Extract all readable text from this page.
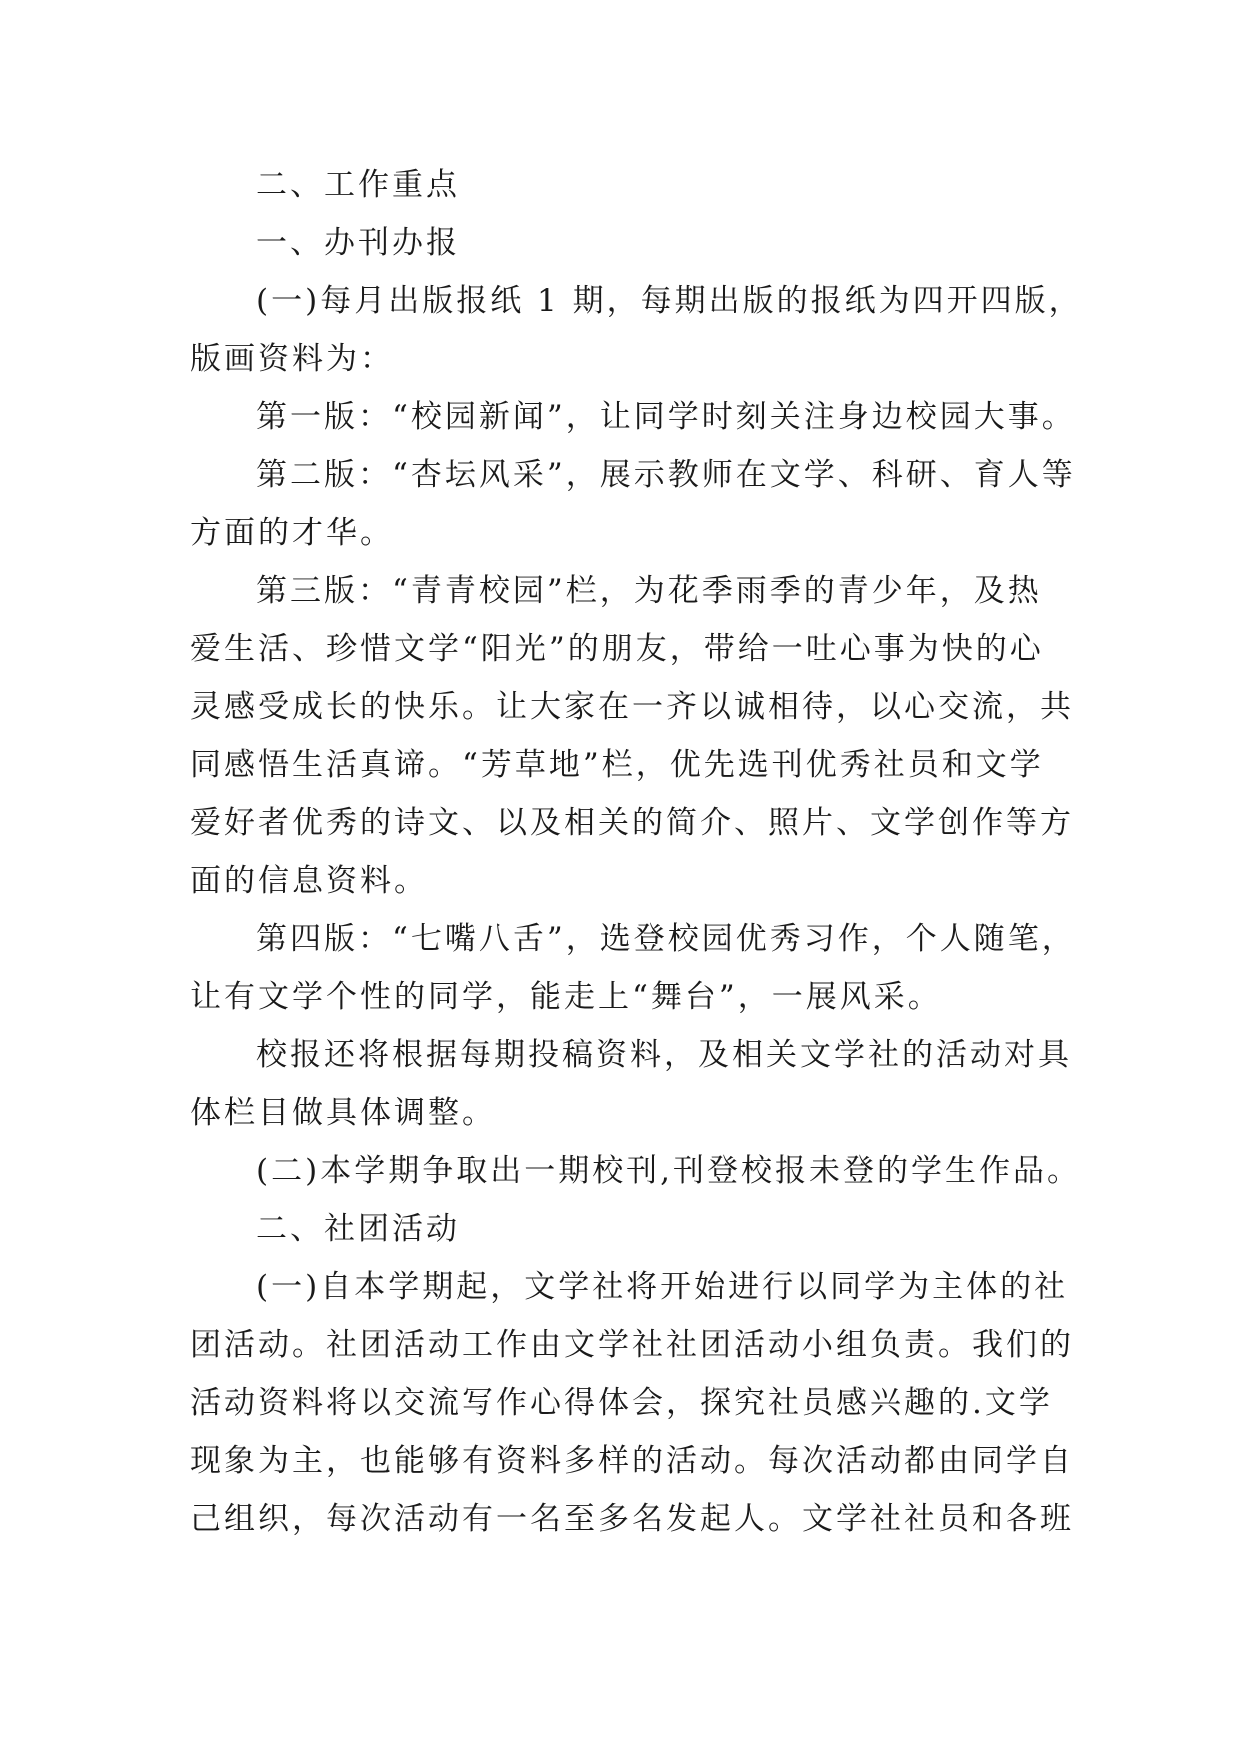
二、工作重点
一、办刊办报
(一)每月出版报纸 1 期，每期出版的报纸为四开四版，
版画资料为：
第一版：“校园新闻”，让同学时刻关注身边校园大事。
第二版：“杏坛风采”，展示教师在文学、科研、育人等
方面的才华。
第三版：“青青校园”栏，为花季雨季的青少年，及热
爱生活、珍惜文学“阳光”的朋友，带给一吐心事为快的心
灵感受成长的快乐。让大家在一齐以诚相待，以心交流，共
同感悟生活真谛。“芳草地”栏，优先选刊优秀社员和文学
爱好者优秀的诗文、以及相关的简介、照片、文学创作等方
面的信息资料。
第四版：“七嘴八舌”，选登校园优秀习作，个人随笔，
让有文学个性的同学，能走上“舞台”，一展风采。
校报还将根据每期投稿资料，及相关文学社的活动对具
体栏目做具体调整。
(二)本学期争取出一期校刊,刊登校报未登的学生作品。
二、社团活动
(一)自本学期起，文学社将开始进行以同学为主体的社
团活动。社团活动工作由文学社社团活动小组负责。我们的
活动资料将以交流写作心得体会，探究社员感兴趣的.文学
现象为主，也能够有资料多样的活动。每次活动都由同学自
己组织，每次活动有一名至多名发起人。文学社社员和各班
